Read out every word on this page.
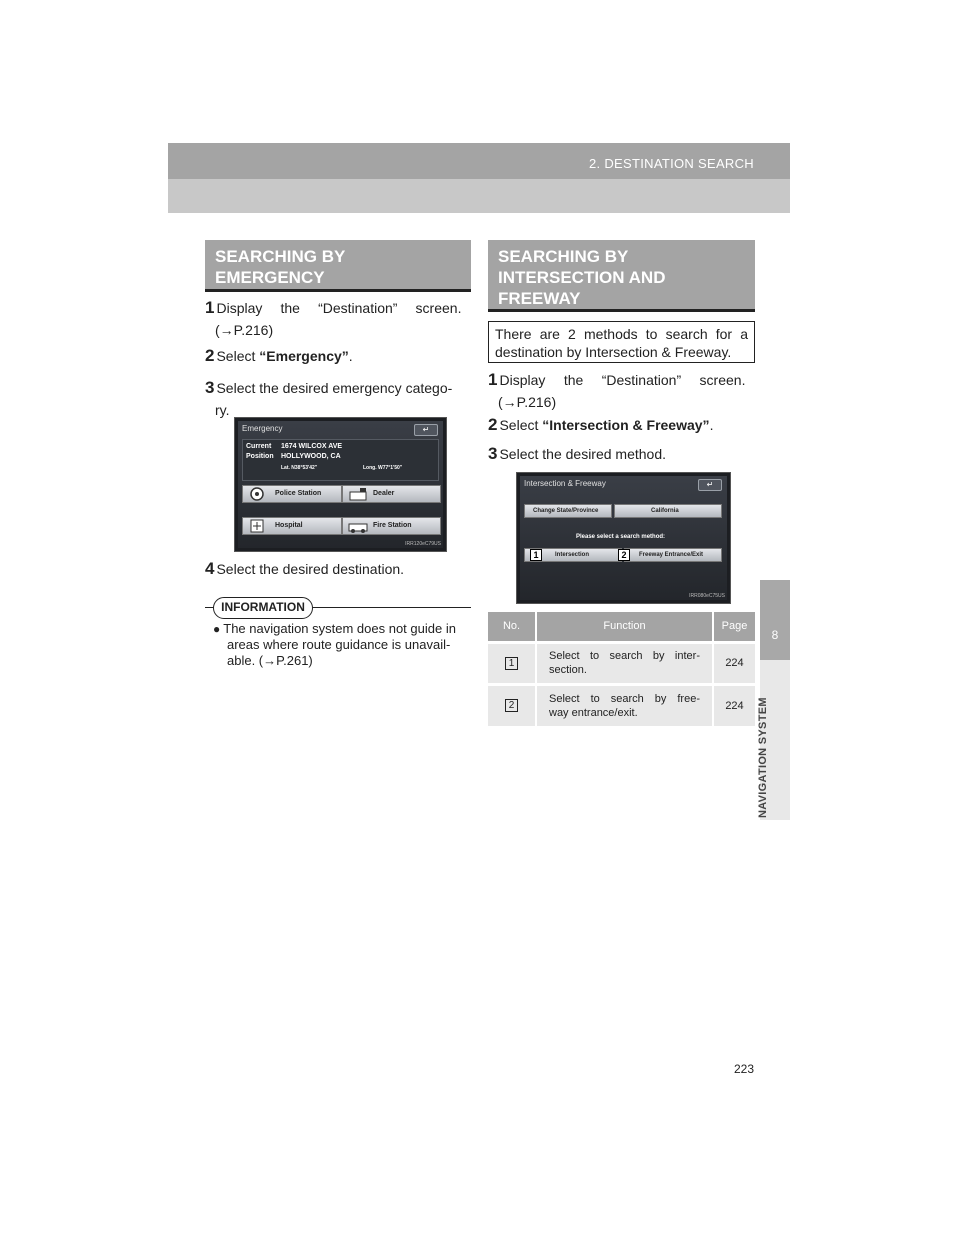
2. DESTINATION SEARCH
8
NAVIGATION SYSTEM
SEARCHING BY
EMERGENCY
1 Display the “Destination” screen.
(→P.216)
2 Select “Emergency”.
3 Select the desired emergency catego-
ry.
Emergency	↵
Current
Position
1674 WILCOX AVE
HOLLYWOOD, CA
Lat. N38°53'42"	Long. W77°1'50"
Police Station	Dealer
Hospital	Fire Station
IRR120eC79US
4 Select the desired destination.
INFORMATION
● The navigation system does not guide in
areas where route guidance is unavail-
able. (→P.261)
SEARCHING BY
INTERSECTION AND
FREEWAY
There are 2 methods to search for a
destination by Intersection & Freeway.
1 Display the “Destination” screen.
(→P.216)
2 Select “Intersection & Freeway”.
3 Select the desired method.
Intersection & Freeway	↵
Change State/Province	California
Please select a search method:
Intersection	Freeway Entrance/Exit
1	2
IRR080eC75US
No.	Function	Page
1	Select to search by inter-
section.	224
2	Select to search by free-
way entrance/exit.	224
223
